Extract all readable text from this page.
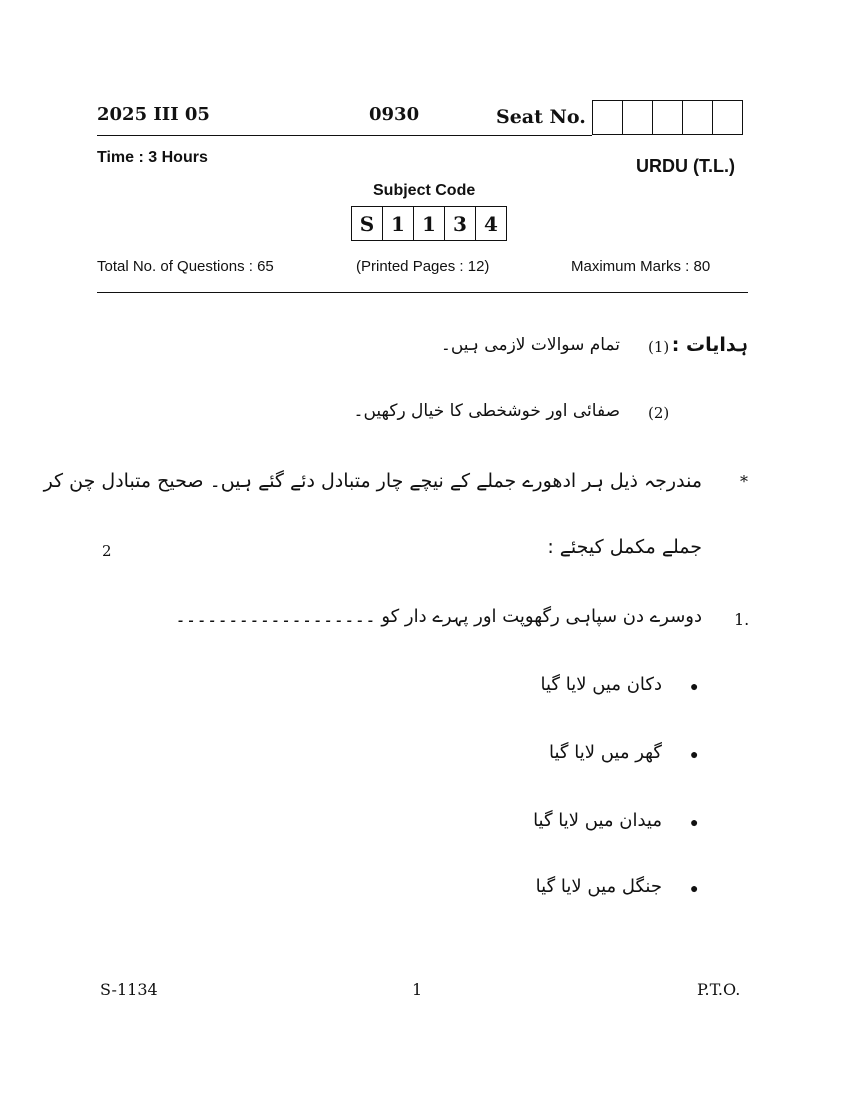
2025 III 05	0930	Seat No.
Time : 3 Hours	URDU (T.L.)
Subject Code
S 1 1 3 4
Total No. of Questions : 65	(Printed Pages : 12)	Maximum Marks : 80
ہدایات :
(1)
تمام سوالات لازمی ہیں۔
(2)
صفائی اور خوشخطی کا خیال رکھیں۔
*
مندرجہ ذیل ہر ادھورے جملے کے نیچے چار متبادل دئے گئے ہیں۔ صحیح متبادل چن کر
جملے مکمل کیجئے :
2
1.
دوسرے دن سپاہی رگھوپت اور پہرے دار کو ۔۔۔۔۔۔۔۔۔۔۔۔۔۔۔۔۔۔۔
●
دکان میں لایا گیا
●
گھر میں لایا گیا
●
میدان میں لایا گیا
●
جنگل میں لایا گیا
S-1134	1	P.T.O.
